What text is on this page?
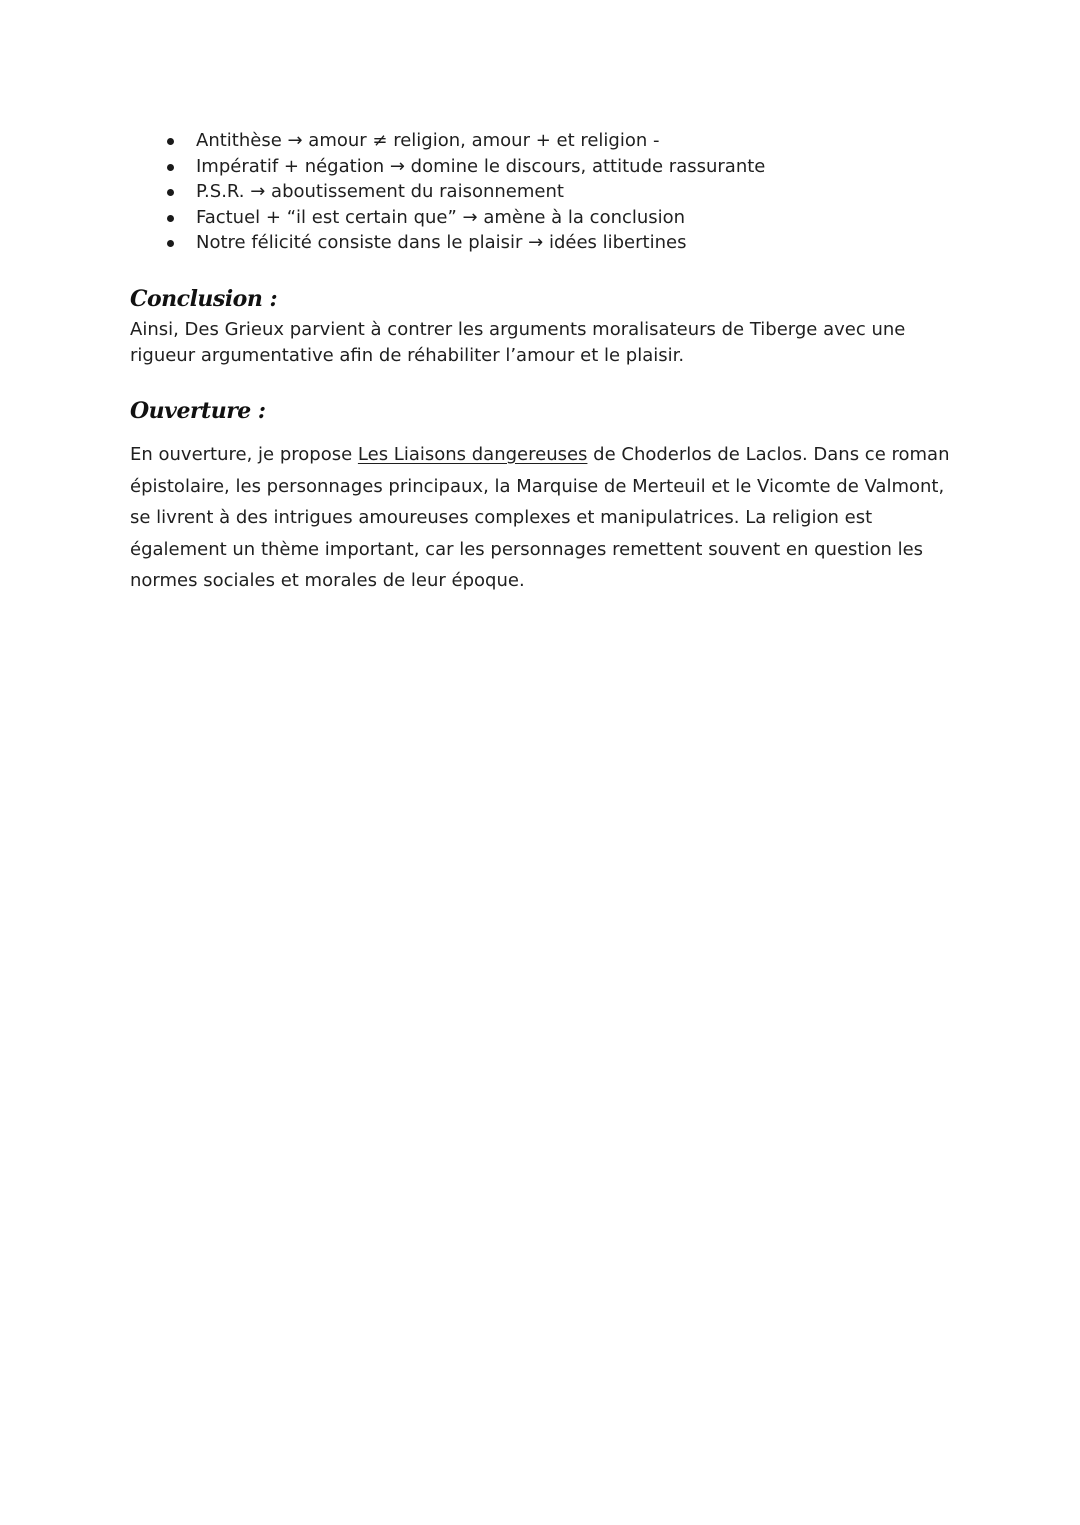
Antithèse → amour ≠ religion, amour + et religion -
Impératif + négation → domine le discours, attitude rassurante
P.S.R. → aboutissement du raisonnement
Factuel + “il est certain que” → amène à la conclusion
Notre félicité consiste dans le plaisir → idées libertines
Conclusion :

Ainsi, Des Grieux parvient à contrer les arguments moralisateurs de Tiberge avec une rigueur argumentative afin de réhabiliter l’amour et le plaisir.

Ouverture :

En ouverture, je propose Les Liaisons dangereuses de Choderlos de Laclos. Dans ce roman épistolaire, les personnages principaux, la Marquise de Merteuil et le Vicomte de Valmont, se livrent à des intrigues amoureuses complexes et manipulatrices. La religion est également un thème important, car les personnages remettent souvent en question les normes sociales et morales de leur époque.
